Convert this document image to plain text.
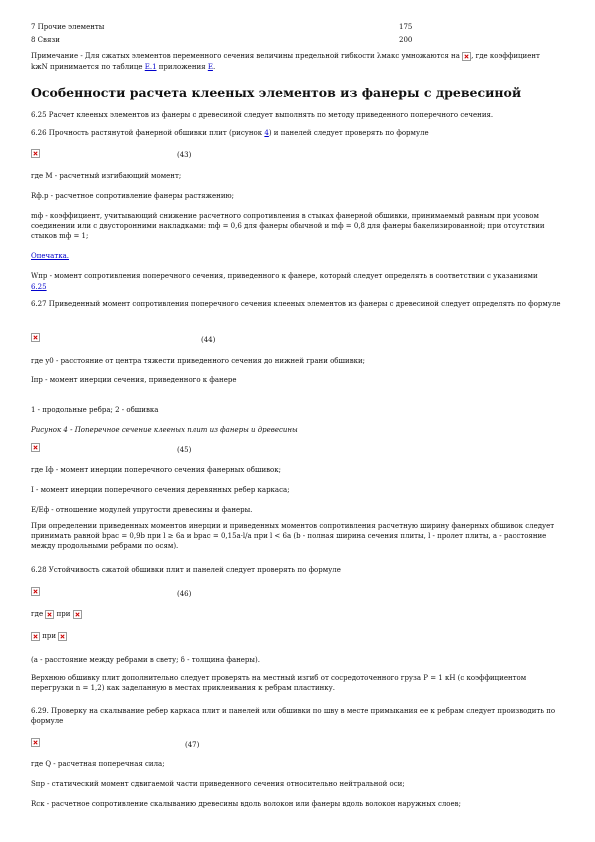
7 Прочие элементы	175
8 Связи	200
Примечание - Для сжатых элементов переменного сечения величины предельной гибкости λмакс умножаются на , где коэффициент
kжN принимается по таблице Е.1 приложения Е.
Особенности расчета клееных элементов из фанеры с древесиной
6.25 Расчет клееных элементов из фанеры с древесиной следует выполнять по методу приведенного поперечного сечения.
6.26 Прочность растянутой фанерной обшивки плит (рисунок 4) и панелей следует проверять по формуле
(43)
где M - расчетный изгибающий момент;
Rф.р - расчетное сопротивление фанеры растяжению;
mф - коэффициент, учитывающий снижение расчетного сопротивления в стыках фанерной обшивки, принимаемый равным при усовом соединении или с двусторонними накладками: mф = 0,6 для фанеры обычной и mф = 0,8 для фанеры бакелизированной; при отсутствии стыков mф = 1;
Опечатка.
Wпр - момент сопротивления поперечного сечения, приведенного к фанере, который следует определять в соответствии с указаниями
6.25
6.27 Приведенный момент сопротивления поперечного сечения клееных элементов из фанеры с древесиной следует определять по формуле
(44)
где y0 - расстояние от центра тяжести приведенного сечения до нижней грани обшивки;
Iпр - момент инерции сечения, приведенного к фанере
1 - продольные ребра; 2 - обшивка
Рисунок 4 - Поперечное сечение клееных плит из фанеры и древесины
(45)
где Iф - момент инерции поперечного сечения фанерных обшивок;
I - момент инерции поперечного сечения деревянных ребер каркаса;
E/Eф - отношение модулей упругости древесины и фанеры.
При определении приведенных моментов инерции и приведенных моментов сопротивления расчетную ширину фанерных обшивок следует принимать равной bрас = 0,9b при l ≥ 6a и bрас = 0,15a·l/a при l < 6a (b - полная ширина сечения плиты, l - пролет плиты, a - расстояние между продольными ребрами по осям).
6.28 Устойчивость сжатой обшивки плит и панелей следует проверять по формуле
(46)
где при
при
(a - расстояние между ребрами в свету; δ - толщина фанеры).
Верхнюю обшивку плит дополнительно следует проверять на местный изгиб от сосредоточенного груза P = 1 кН (с коэффициентом перегрузки n = 1,2) как заделанную в местах приклеивания к ребрам пластинку.
6.29. Проверку на скалывание ребер каркаса плит и панелей или обшивки по шву в месте примыкания ее к ребрам следует производить по формуле
(47)
где Q - расчетная поперечная сила;
Sпр - статический момент сдвигаемой части приведенного сечения относительно нейтральной оси;
Rск - расчетное сопротивление скалыванию древесины вдоль волокон или фанеры вдоль волокон наружных слоев;
